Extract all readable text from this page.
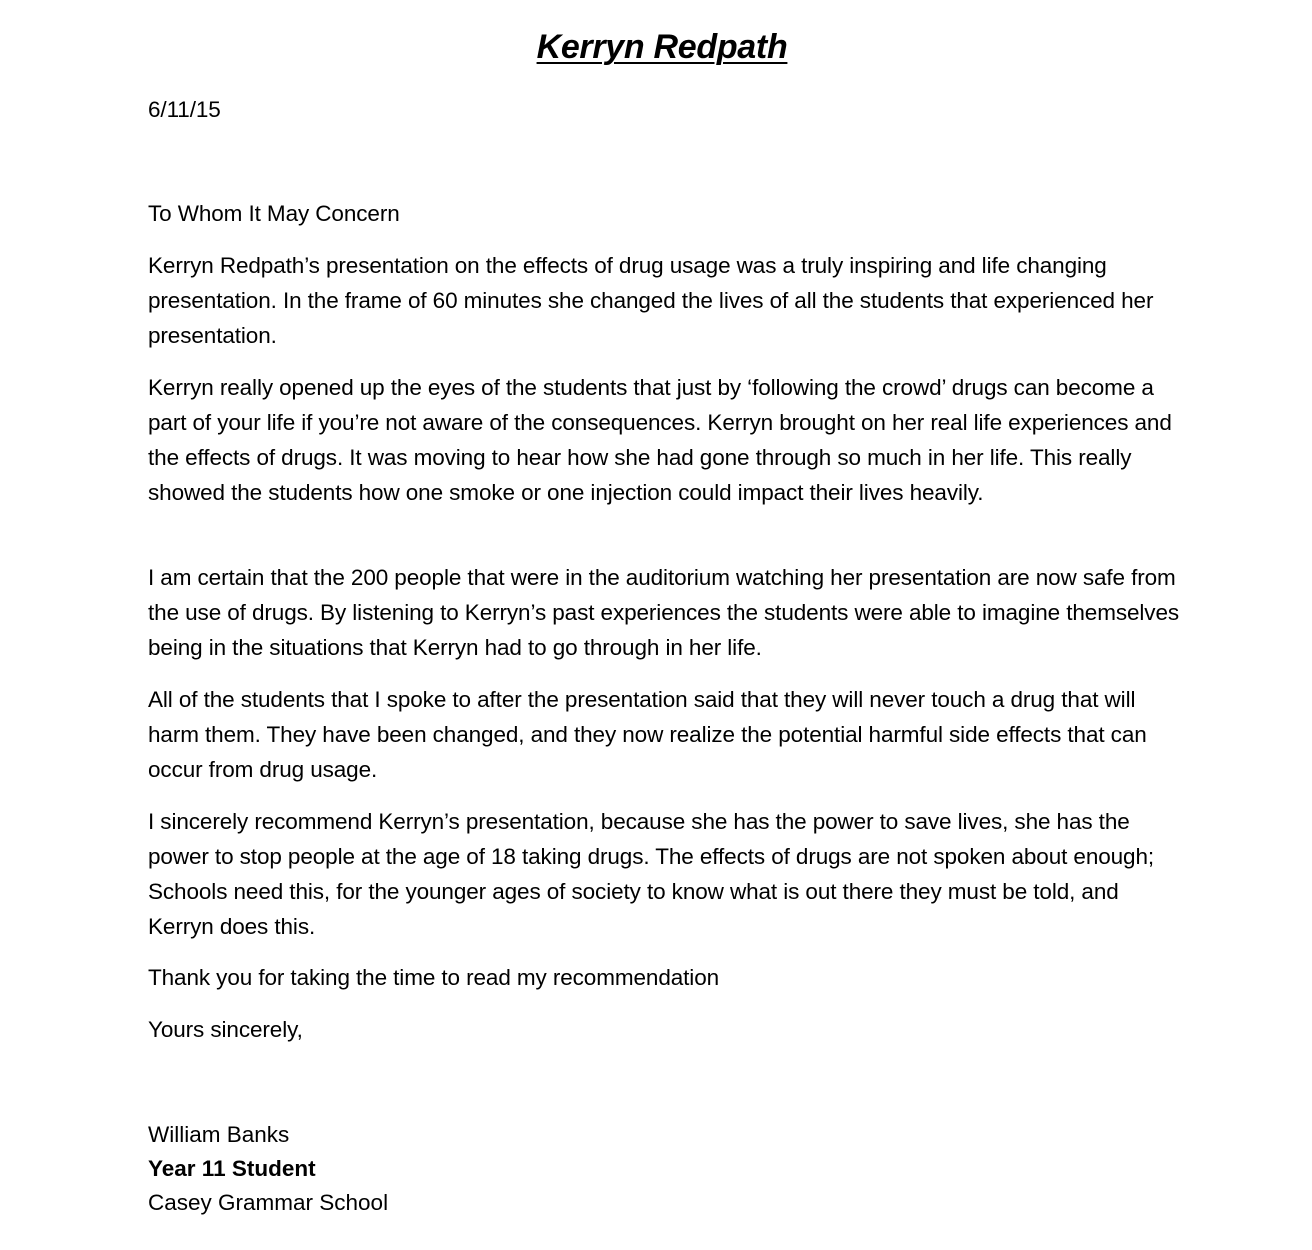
Kerryn Redpath

6/11/15

To Whom It May Concern

Kerryn Redpath’s presentation on the effects of drug usage was a truly inspiring and life changing presentation. In the frame of 60 minutes she changed the lives of all the students that experienced her presentation.

Kerryn really opened up the eyes of the students that just by ‘following the crowd’ drugs can become a part of your life if you’re not aware of the consequences. Kerryn brought on her real life experiences and the effects of drugs. It was moving to hear how she had gone through so much in her life. This really showed the students how one smoke or one injection could impact their lives heavily.

I am certain that the 200 people that were in the auditorium watching her presentation are now safe from the use of drugs. By listening to Kerryn’s past experiences the students were able to imagine themselves being in the situations that Kerryn had to go through in her life.

All of the students that I spoke to after the presentation said that they will never touch a drug that will harm them. They have been changed, and they now realize the potential harmful side effects that can occur from drug usage.

I sincerely recommend Kerryn’s presentation, because she has the power to save lives, she has the power to stop people at the age of 18 taking drugs. The effects of drugs are not spoken about enough; Schools need this, for the younger ages of society to know what is out there they must be told, and Kerryn does this.

Thank you for taking the time to read my recommendation

Yours sincerely,

William Banks
Year 11 Student
Casey Grammar School
